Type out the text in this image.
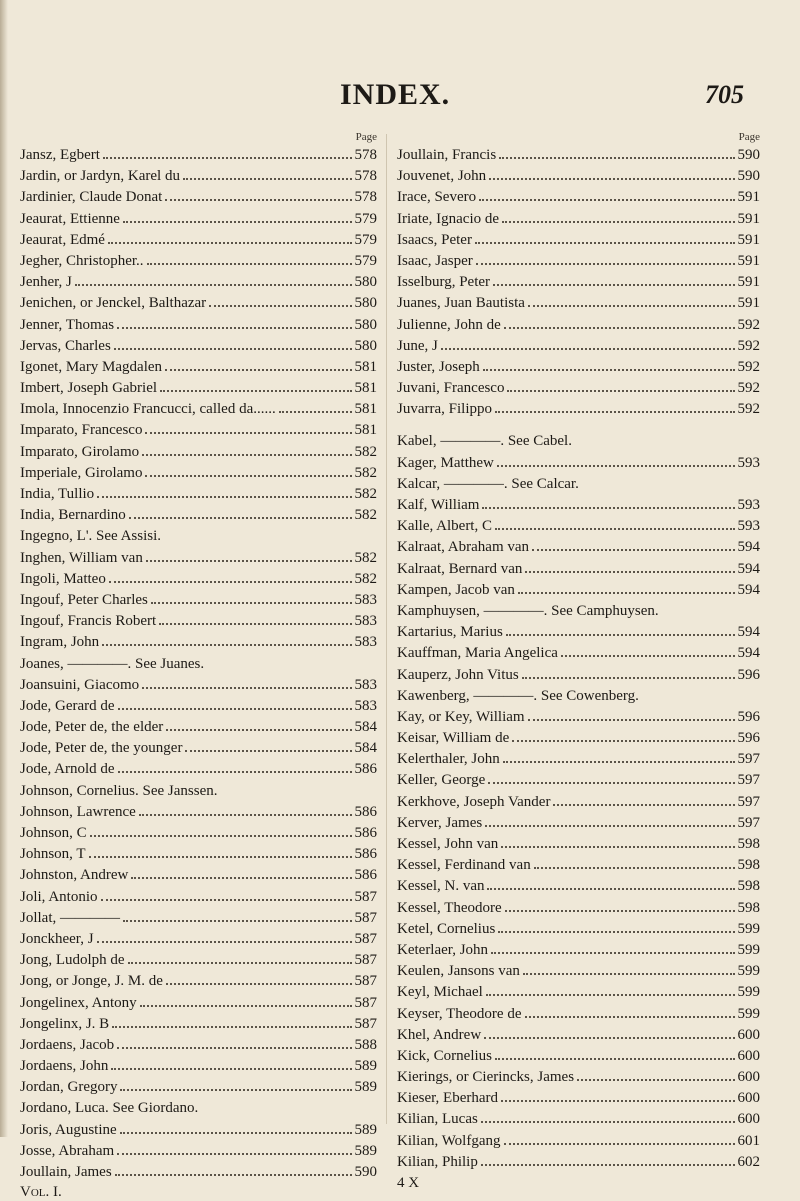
INDEX.	705
Page
Jansz, Egbert	578
Jardin, or Jardyn, Karel du	578
Jardinier, Claude Donat	578
Jeaurat, Ettienne	579
Jeaurat, Edmé	579
Jegher, Christopher..	579
Jenher, J	580
Jenichen, or Jenckel, Balthazar	580
Jenner, Thomas	580
Jervas, Charles	580
Igonet, Mary Magdalen	581
Imbert, Joseph Gabriel	581
Imola, Innocenzio Francucci, called da......	581
Imparato, Francesco	581
Imparato, Girolamo	582
Imperiale, Girolamo	582
India, Tullio	582
India, Bernardino	582
Ingegno, L'. See Assisi.
Inghen, William van	582
Ingoli, Matteo	582
Ingouf, Peter Charles	583
Ingouf, Francis Robert	583
Ingram, John	583
Joanes, ————. See Juanes.
Joansuini, Giacomo	583
Jode, Gerard de	583
Jode, Peter de, the elder	584
Jode, Peter de, the younger	584
Jode, Arnold de	586
Johnson, Cornelius. See Janssen.
Johnson, Lawrence	586
Johnson, C	586
Johnson, T	586
Johnston, Andrew	586
Joli, Antonio	587
Jollat, ————	587
Jonckheer, J	587
Jong, Ludolph de	587
Jong, or Jonge, J. M. de	587
Jongelinex, Antony	587
Jongelinx, J. B	587
Jordaens, Jacob	588
Jordaens, John	589
Jordan, Gregory	589
Jordano, Luca. See Giordano.
Joris, Augustine	589
Josse, Abraham	589
Joullain, James	590
Vol. I.
Page
Joullain, Francis	590
Jouvenet, John	590
Irace, Severo	591
Iriate, Ignacio de	591
Isaacs, Peter	591
Isaac, Jasper	591
Isselburg, Peter	591
Juanes, Juan Bautista	591
Julienne, John de	592
June, J	592
Juster, Joseph	592
Juvani, Francesco	592
Juvarra, Filippo	592
Kabel, ————. See Cabel.
Kager, Matthew	593
Kalcar, ————. See Calcar.
Kalf, William	593
Kalle, Albert, C	593
Kalraat, Abraham van	594
Kalraat, Bernard van	594
Kampen, Jacob van	594
Kamphuysen, ————. See Camphuysen.
Kartarius, Marius	594
Kauffman, Maria Angelica	594
Kauperz, John Vitus	596
Kawenberg, ————. See Cowenberg.
Kay, or Key, William	596
Keisar, William de	596
Kelerthaler, John	597
Keller, George	597
Kerkhove, Joseph Vander	597
Kerver, James	597
Kessel, John van	598
Kessel, Ferdinand van	598
Kessel, N. van	598
Kessel, Theodore	598
Ketel, Cornelius	599
Keterlaer, John	599
Keulen, Jansons van	599
Keyl, Michael	599
Keyser, Theodore de	599
Khel, Andrew	600
Kick, Cornelius	600
Kierings, or Cierincks, James	600
Kieser, Eberhard	600
Kilian, Lucas	600
Kilian, Wolfgang	601
Kilian, Philip	602
4 X
